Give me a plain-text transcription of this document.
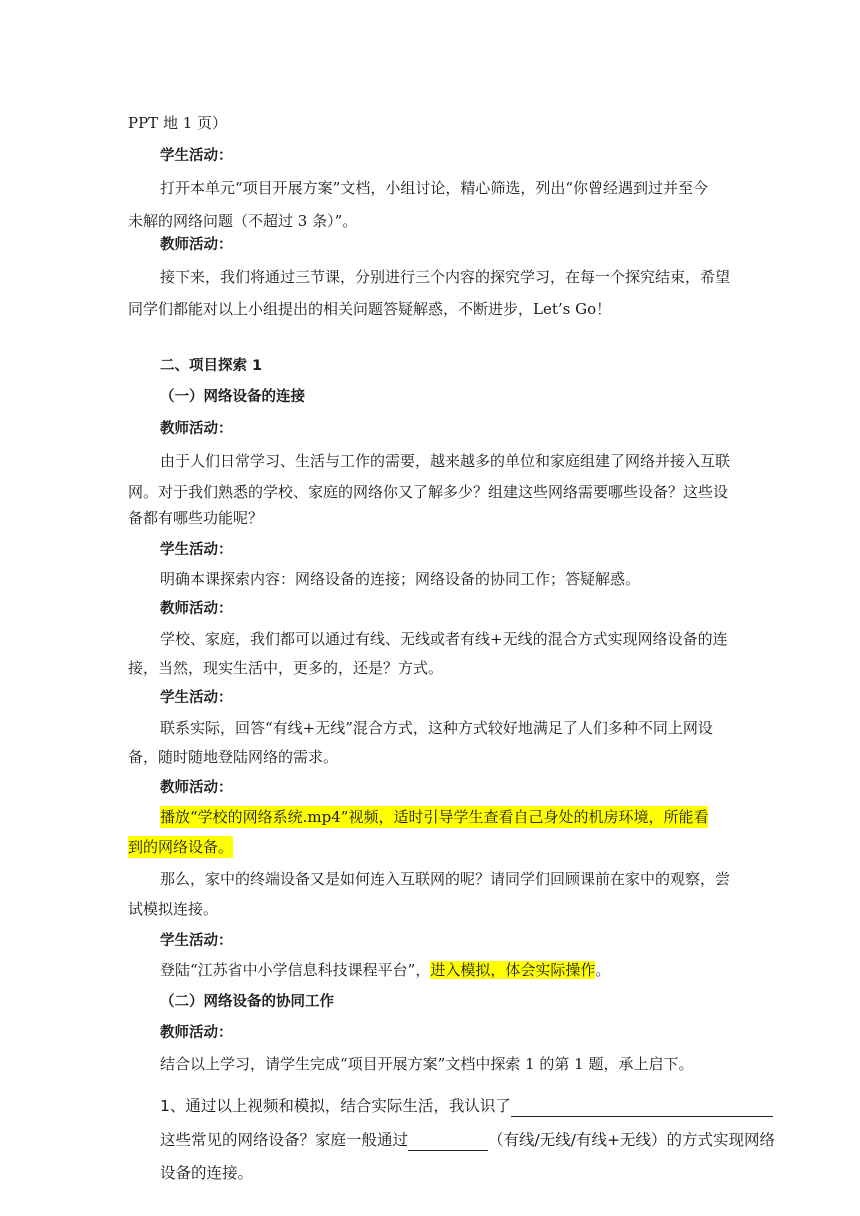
PPT 地 1 页）
学生活动：
打开本单元“项目开展方案”文档，小组讨论，精心筛选，列出“你曾经遇到过并至今
未解的网络问题（不超过 3 条）”。
教师活动：
接下来，我们将通过三节课，分别进行三个内容的探究学习，在每一个探究结束，希望
同学们都能对以上小组提出的相关问题答疑解惑，不断进步，Let’s Go！
二、项目探索 1
（一）网络设备的连接
教师活动：
由于人们日常学习、生活与工作的需要，越来越多的单位和家庭组建了网络并接入互联
网。对于我们熟悉的学校、家庭的网络你又了解多少？组建这些网络需要哪些设备？这些设
备都有哪些功能呢？
学生活动：
明确本课探索内容：网络设备的连接；网络设备的协同工作；答疑解惑。
教师活动：
学校、家庭，我们都可以通过有线、无线或者有线+无线的混合方式实现网络设备的连
接，当然，现实生活中，更多的，还是？方式。
学生活动：
联系实际，回答“有线+无线”混合方式，这种方式较好地满足了人们多种不同上网设
备，随时随地登陆网络的需求。
教师活动：
播放“学校的网络系统.mp4”视频，适时引导学生查看自己身处的机房环境，所能看
到的网络设备。
那么，家中的终端设备又是如何连入互联网的呢？请同学们回顾课前在家中的观察，尝
试模拟连接。
学生活动：
登陆“江苏省中小学信息科技课程平台”，进入模拟，体会实际操作。
（二）网络设备的协同工作
教师活动：
结合以上学习，请学生完成“项目开展方案”文档中探索 1 的第 1 题，承上启下。
1、通过以上视频和模拟，结合实际生活，我认识了
这些常见的网络设备？家庭一般通过	（有线/无线/有线+无线）的方式实现网络
设备的连接。
